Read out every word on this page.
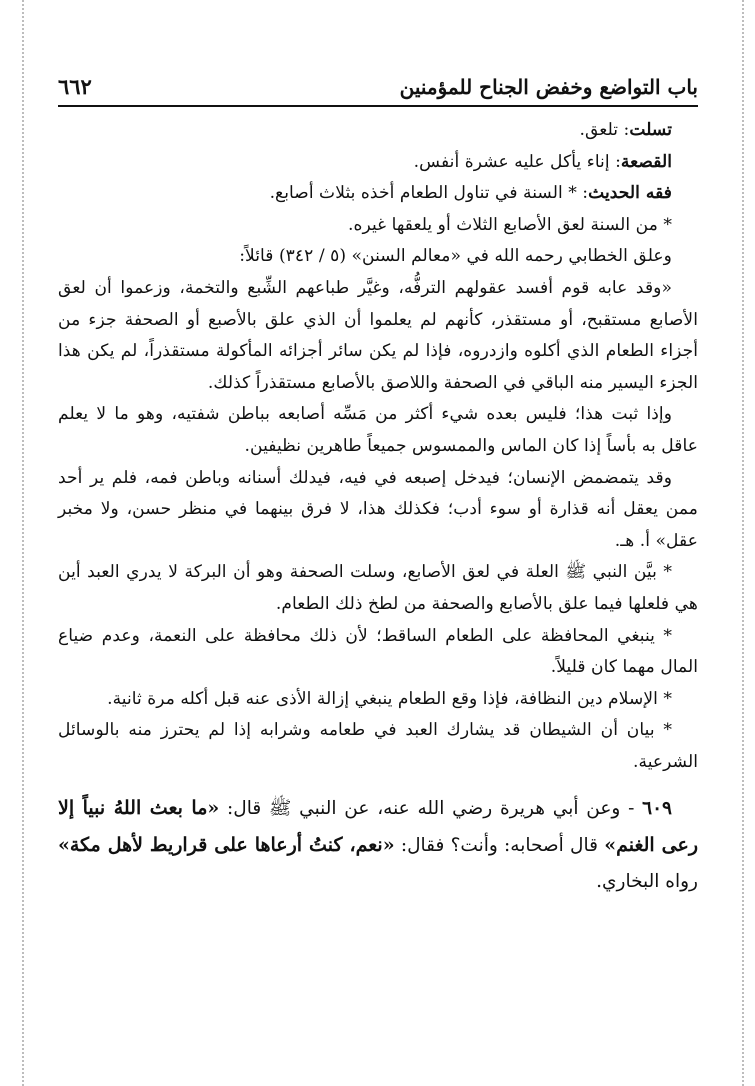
باب التواضع وخفض الجناح للمؤمنين
٦٦٢

تسلت: تلعق.

القصعة: إناء يأكل عليه عشرة أنفس.

فقه الحديث: * السنة في تناول الطعام أخذه بثلاث أصابع.

* من السنة لعق الأصابع الثلاث أو يلعقها غيره.

وعلق الخطابي رحمه الله في «معالم السنن» (٥ / ٣٤٢) قائلاً:

«وقد عابه قوم أفسد عقولهم الترفُّه، وغيَّر طباعهم الشِّبع والتخمة، وزعموا أن لعق الأصابع مستقبح، أو مستقذر، كأنهم لم يعلموا أن الذي علق بالأصبع أو الصحفة جزء من أجزاء الطعام الذي أكلوه وازدروه، فإذا لم يكن سائر أجزائه المأكولة مستقذراً، لم يكن هذا الجزء اليسير منه الباقي في الصحفة واللاصق بالأصابع مستقذراً كذلك.

وإذا ثبت هذا؛ فليس بعده شيء أكثر من مَسِّه أصابعه بباطن شفتيه، وهو ما لا يعلم عاقل به بأساً إذا كان الماس والممسوس جميعاً طاهرين نظيفين.

وقد يتمضمض الإنسان؛ فيدخل إصبعه في فيه، فيدلك أسنانه وباطن فمه، فلم ير أحد ممن يعقل أنه قذارة أو سوء أدب؛ فكذلك هذا، لا فرق بينهما في منظر حسن، ولا مخبر عقل» أ. هـ.

* بيَّن النبي ﷺ العلة في لعق الأصابع، وسلت الصحفة وهو أن البركة لا يدري العبد أين هي فلعلها فيما علق بالأصابع والصحفة من لطخ ذلك الطعام.

* ينبغي المحافظة على الطعام الساقط؛ لأن ذلك محافظة على النعمة، وعدم ضياع المال مهما كان قليلاً.

* الإسلام دين النظافة، فإذا وقع الطعام ينبغي إزالة الأذى عنه قبل أكله مرة ثانية.

* بيان أن الشيطان قد يشارك العبد في طعامه وشرابه إذا لم يحترز منه بالوسائل الشرعية.

٦٠٩ - وعن أبي هريرة رضي الله عنه، عن النبي ﷺ قال: «ما بعث اللهُ نبياً إلا رعى الغنم» قال أصحابه: وأنت؟ فقال: «نعم، كنتُ أرعاها على قراريط لأهل مكة» رواه البخاري.
